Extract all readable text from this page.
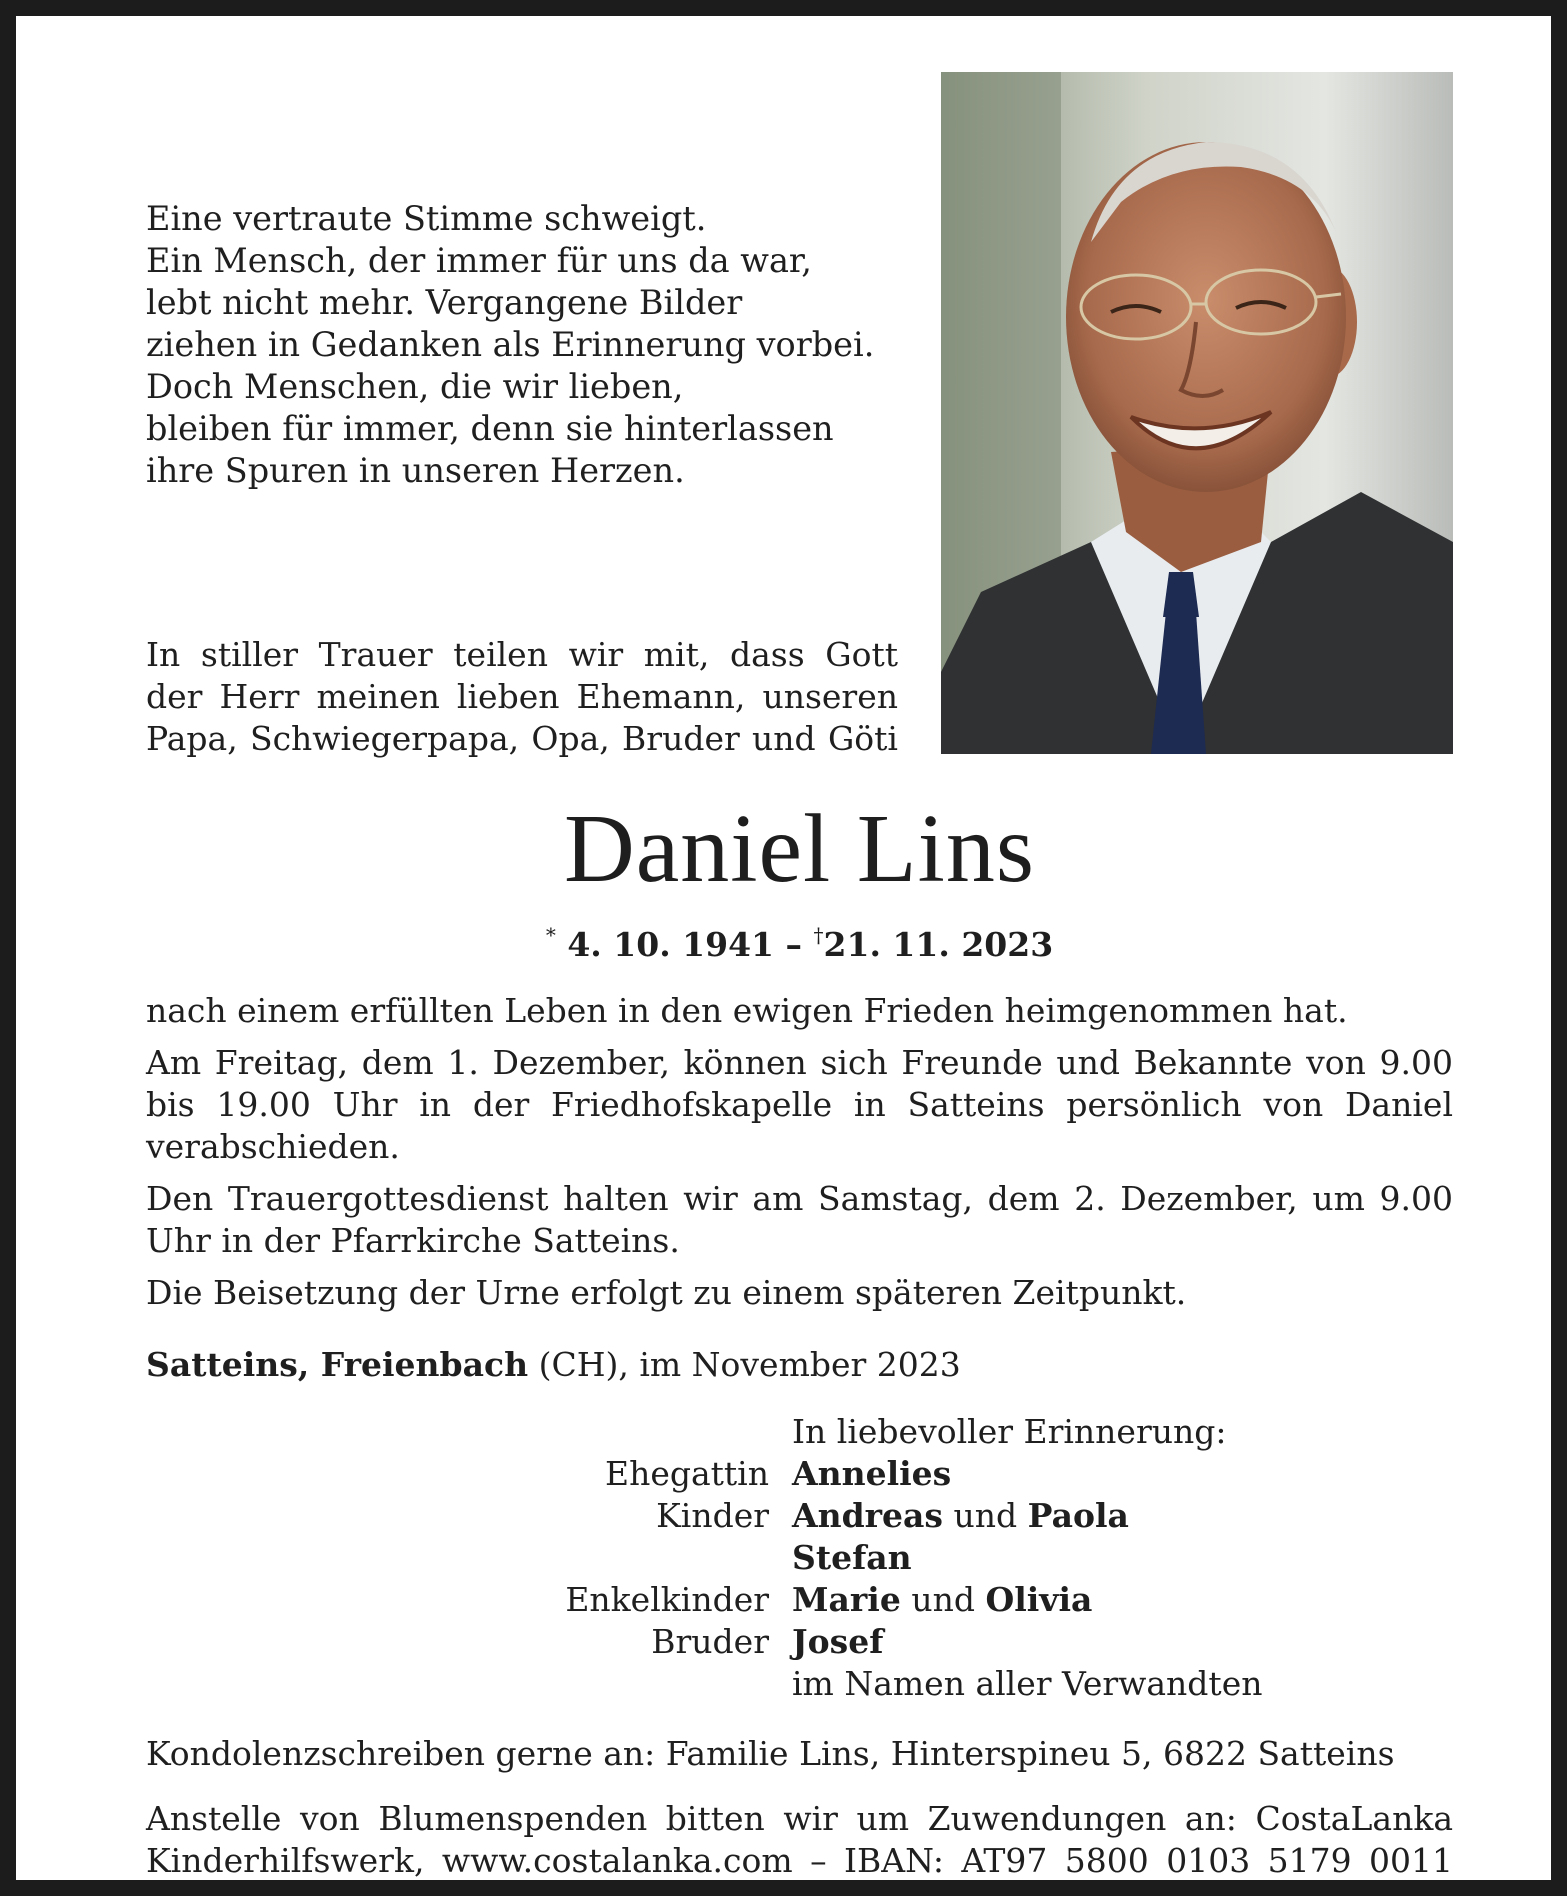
Eine vertraute Stimme schweigt.
Ein Mensch, der immer für uns da war,
lebt nicht mehr. Vergangene Bilder
ziehen in Gedanken als Erinnerung vorbei.
Doch Menschen, die wir lieben,
bleiben für immer, denn sie hinterlassen
ihre Spuren in unseren Herzen.
In stiller Trauer teilen wir mit, dass Gott
der Herr meinen lieben Ehemann, unseren
Papa, Schwiegerpapa, Opa, Bruder und Göti
Daniel Lins
* 4. 10. 1941 – †21. 11. 2023
nach einem erfüllten Leben in den ewigen Frieden heimgenommen hat.
Am Freitag, dem 1. Dezember, können sich Freunde und Bekannte von 9.00 bis 19.00 Uhr in der Friedhofskapelle in Satteins persönlich von Daniel verabschieden.
Den Trauergottesdienst halten wir am Samstag, dem 2. Dezember, um 9.00 Uhr in der Pfarrkirche Satteins.
Die Beisetzung der Urne erfolgt zu einem späteren Zeitpunkt.
Satteins, Freienbach (CH), im November 2023
In liebevoller Erinnerung:
Ehegattin Annelies
Kinder Andreas und Paola
Stefan
Enkelkinder Marie und Olivia
Bruder Josef
im Namen aller Verwandten
Kondolenzschreiben gerne an: Familie Lins, Hinterspineu 5, 6822 Satteins
Anstelle von Blumenspenden bitten wir um Zuwendungen an: CostaLanka
Kinderhilfswerk, www.costalanka.com – IBAN: AT97 5800 0103 5179 0011
